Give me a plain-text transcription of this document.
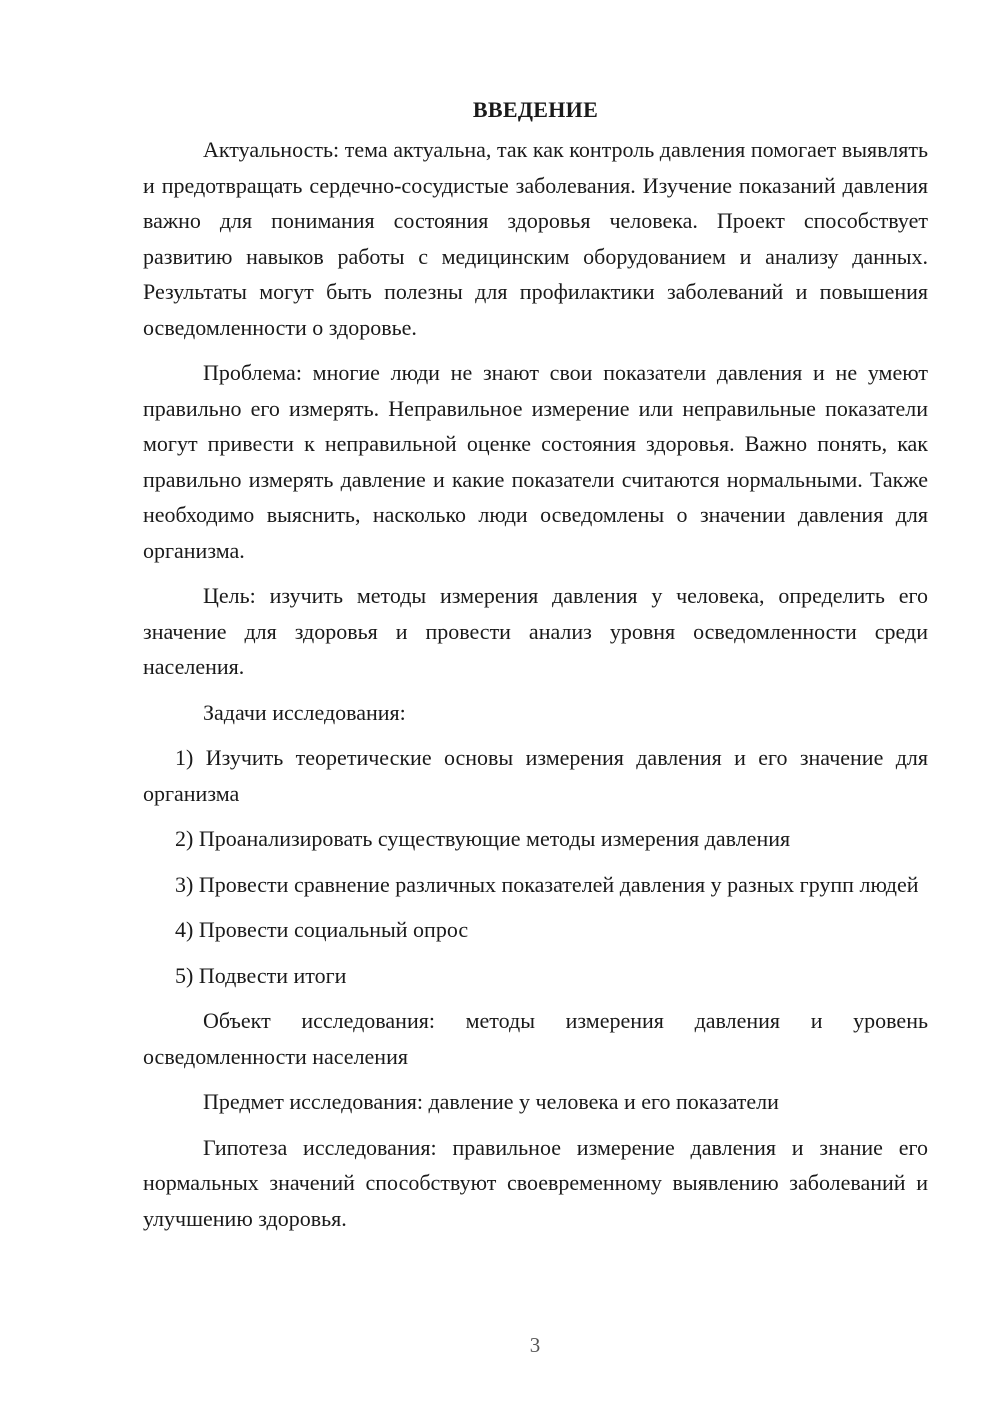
ВВЕДЕНИЕ

Актуальность: тема актуальна, так как контроль давления помогает выявлять и предотвращать сердечно-сосудистые заболевания. Изучение показаний давления важно для понимания состояния здоровья человека. Проект способствует развитию навыков работы с медицинским оборудованием и анализу данных. Результаты могут быть полезны для профилактики заболеваний и повышения осведомленности о здоровье.

Проблема: многие люди не знают свои показатели давления и не умеют правильно его измерять. Неправильное измерение или неправильные показатели могут привести к неправильной оценке состояния здоровья. Важно понять, как правильно измерять давление и какие показатели считаются нормальными. Также необходимо выяснить, насколько люди осведомлены о значении давления для организма.

Цель: изучить методы измерения давления у человека, определить его значение для здоровья и провести анализ уровня осведомленности среди населения.

Задачи исследования:

1) Изучить теоретические основы измерения давления и его значение для организма

2) Проанализировать существующие методы измерения давления

3) Провести сравнение различных показателей давления у разных групп людей

4) Провести социальный опрос

5) Подвести итоги

Объект исследования: методы измерения давления и уровень осведомленности населения

Предмет исследования: давление у человека и его показатели

Гипотеза исследования: правильное измерение давления и знание его нормальных значений способствуют своевременному выявлению заболеваний и улучшению здоровья.

3
